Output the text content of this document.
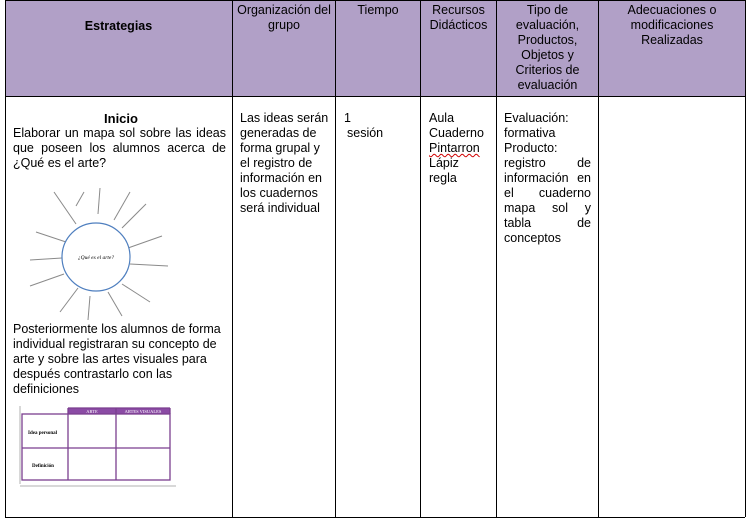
Estrategias
Organización del grupo
Tiempo	Recursos Didácticos
Tipo de evaluación, Productos, Objetos y Criterios de evaluación
Adecuaciones o modificaciones Realizadas
Inicio
Elaborar un mapa sol sobre las ideas que poseen los alumnos acerca de ¿Qué es el arte?
¿Qué es el arte?
Posteriormente los alumnos de forma individual registraran su concepto de arte y sobre las artes visuales para después contrastarlo con las definiciones
ARTE	ARTES VISUALES
Idea personal
Definición
Las ideas serán generadas de forma grupal y el registro de información en los cuadernos será individual
1
sesión
Aula
Cuaderno
Pintarron
Lápiz
regla
Evaluación: formativa Producto: registro de información en el cuaderno mapa sol y tabla de conceptos
